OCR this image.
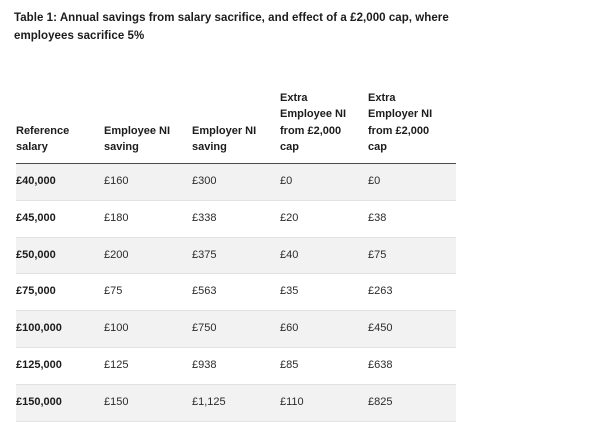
Table 1: Annual savings from salary sacrifice, and effect of a £2,000 cap, where employees sacrifice 5%

Reference salary	Employee NI saving	Employer NI saving	Extra Employee NI from £2,000 cap	Extra Employer NI from £2,000 cap
£40,000	£160	£300	£0	£0
£45,000	£180	£338	£20	£38
£50,000	£200	£375	£40	£75
£75,000	£75	£563	£35	£263
£100,000	£100	£750	£60	£450
£125,000	£125	£938	£85	£638
£150,000	£150	£1,125	£110	£825
